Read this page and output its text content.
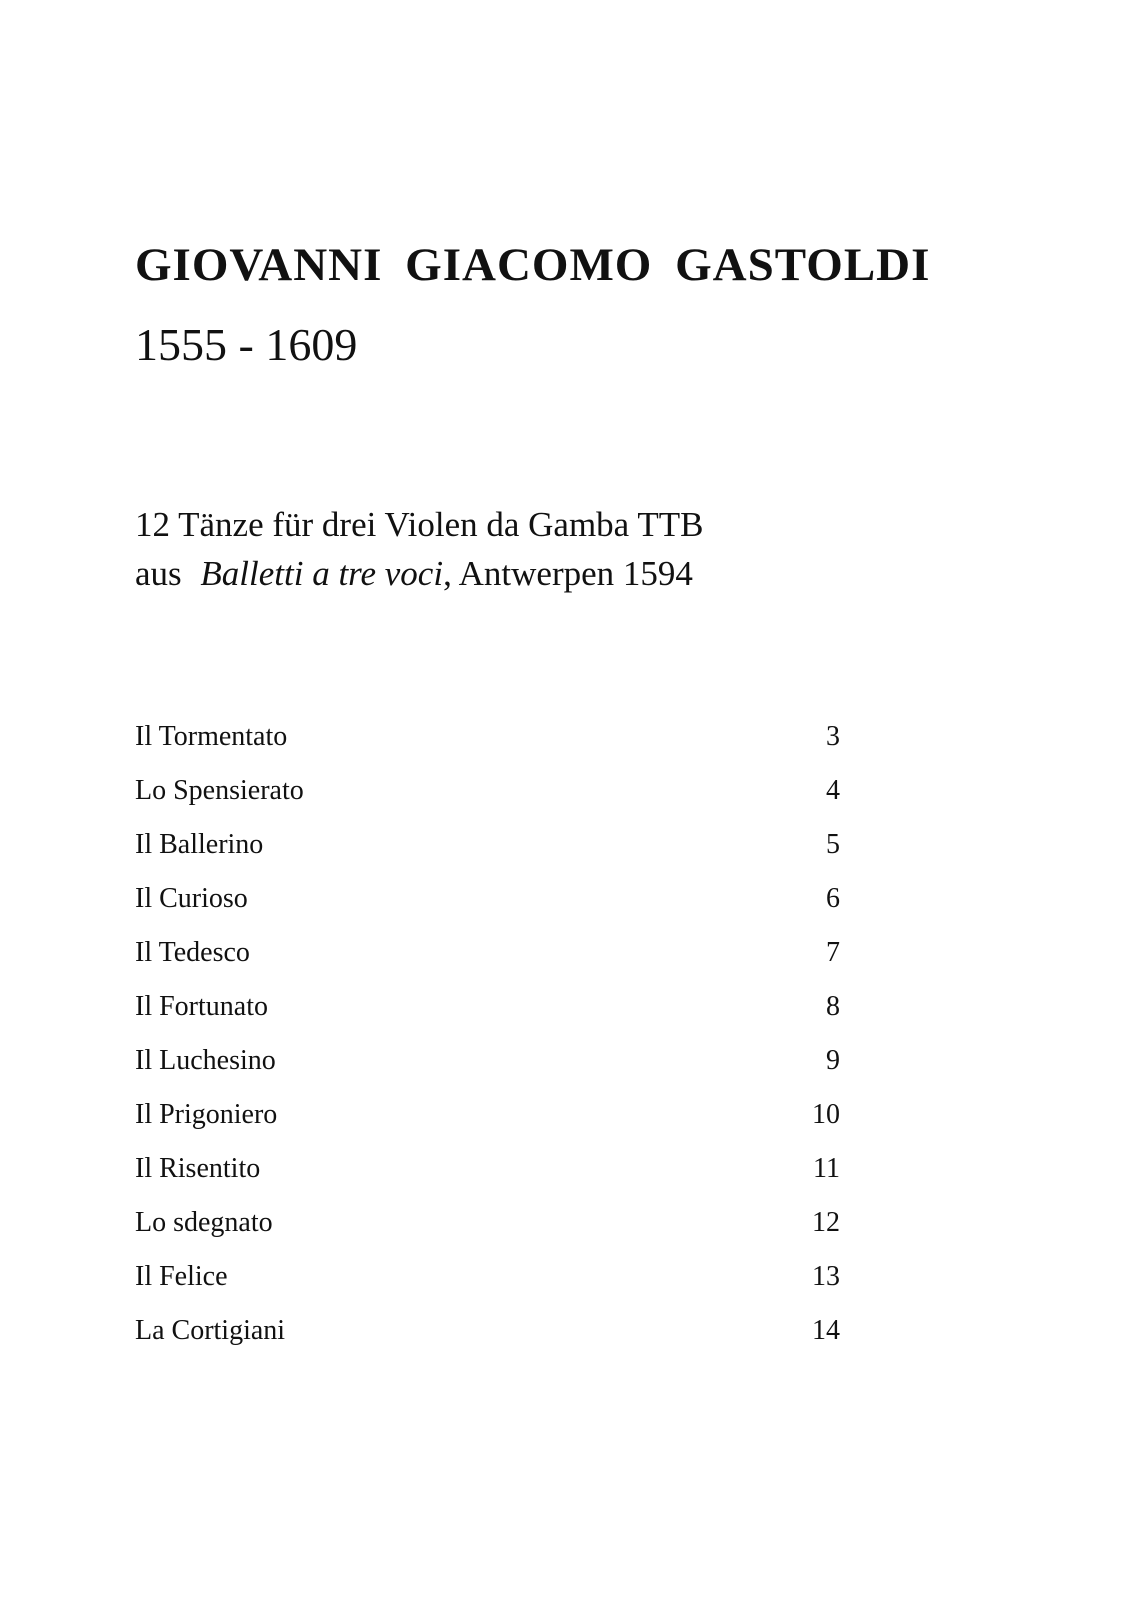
GIOVANNI GIACOMO GASTOLDI
1555 - 1609
12 Tänze für drei Violen da Gamba TTB
aus Balletti a tre voci, Antwerpen 1594
Il Tormentato	3
Lo Spensierato	4
Il Ballerino	5
Il Curioso	6
Il Tedesco	7
Il Fortunato	8
Il Luchesino	9
Il Prigoniero	10
Il Risentito	11
Lo sdegnato	12
Il Felice	13
La Cortigiani	14
